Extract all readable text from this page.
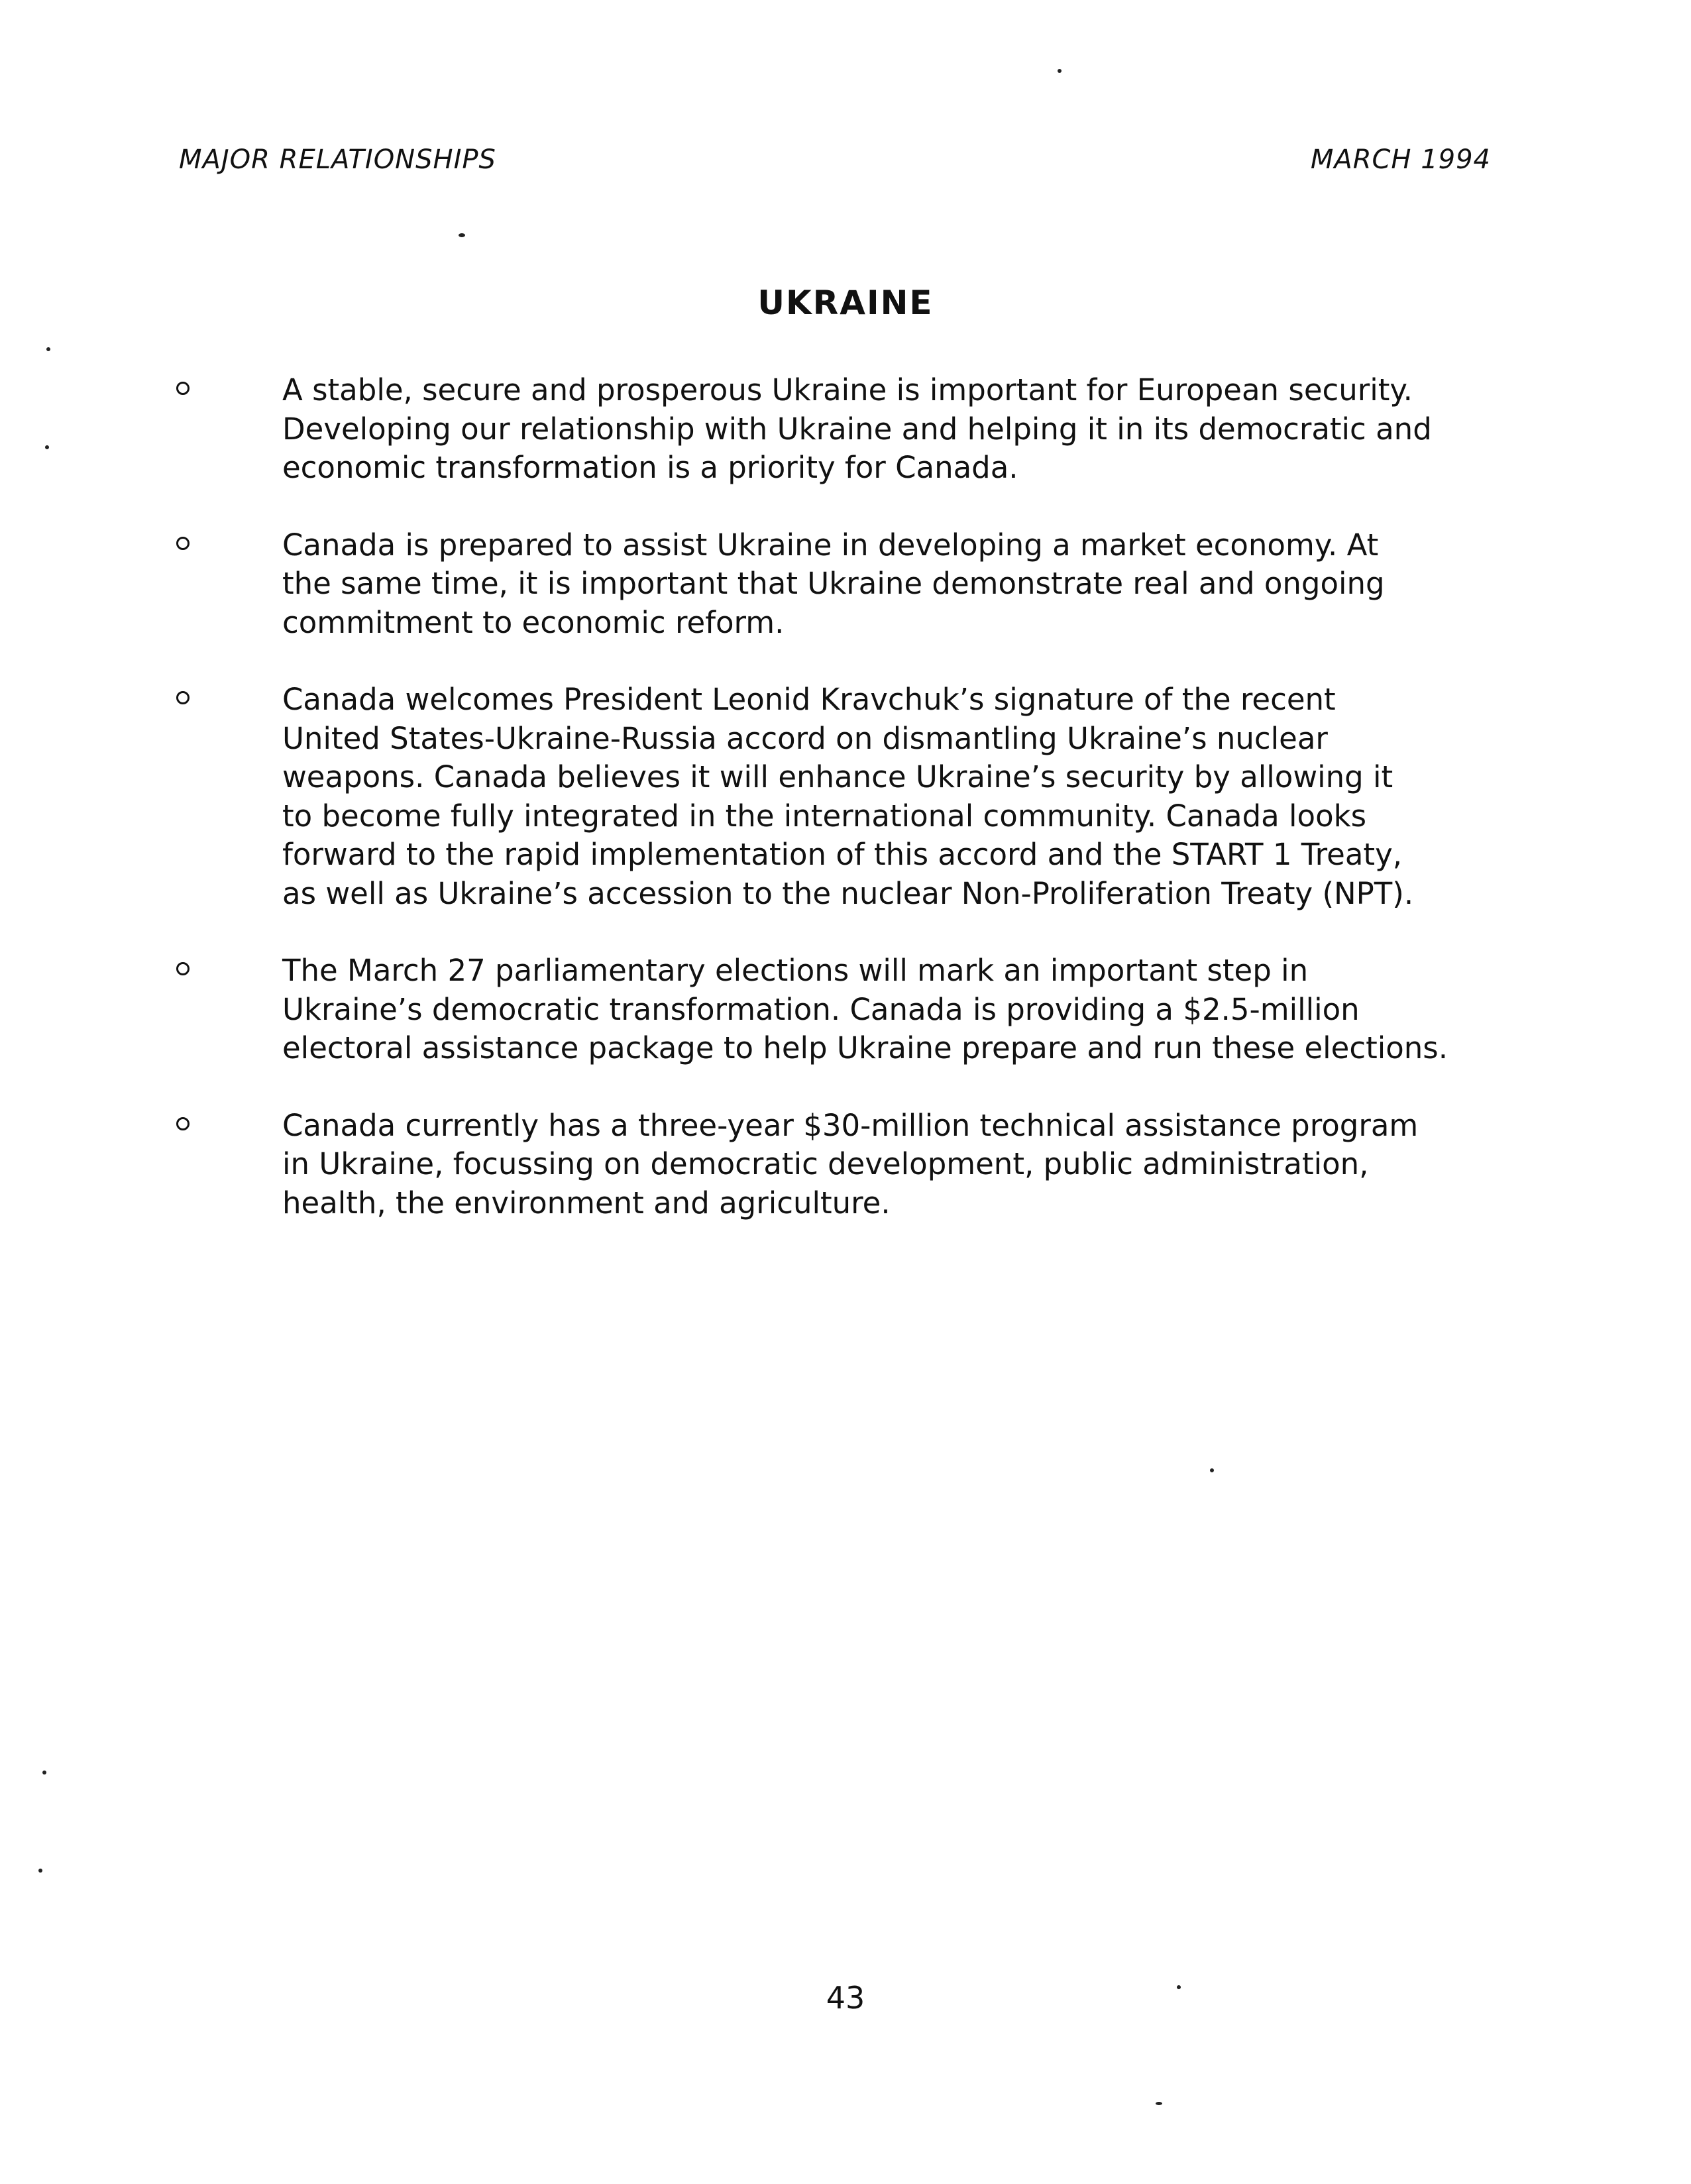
MAJOR RELATIONSHIPS	MARCH 1994
UKRAINE
A stable, secure and prosperous Ukraine is important for European security.
Developing our relationship with Ukraine and helping it in its democratic and
economic transformation is a priority for Canada.
Canada is prepared to assist Ukraine in developing a market economy. At
the same time, it is important that Ukraine demonstrate real and ongoing
commitment to economic reform.
Canada welcomes President Leonid Kravchuk’s signature of the recent
United States-Ukraine-Russia accord on dismantling Ukraine’s nuclear
weapons. Canada believes it will enhance Ukraine’s security by allowing it
to become fully integrated in the international community. Canada looks
forward to the rapid implementation of this accord and the START 1 Treaty,
as well as Ukraine’s accession to the nuclear Non-Proliferation Treaty (NPT).
The March 27 parliamentary elections will mark an important step in
Ukraine’s democratic transformation. Canada is providing a $2.5-million
electoral assistance package to help Ukraine prepare and run these elections.
Canada currently has a three-year $30-million technical assistance program
in Ukraine, focussing on democratic development, public administration,
health, the environment and agriculture.
43
